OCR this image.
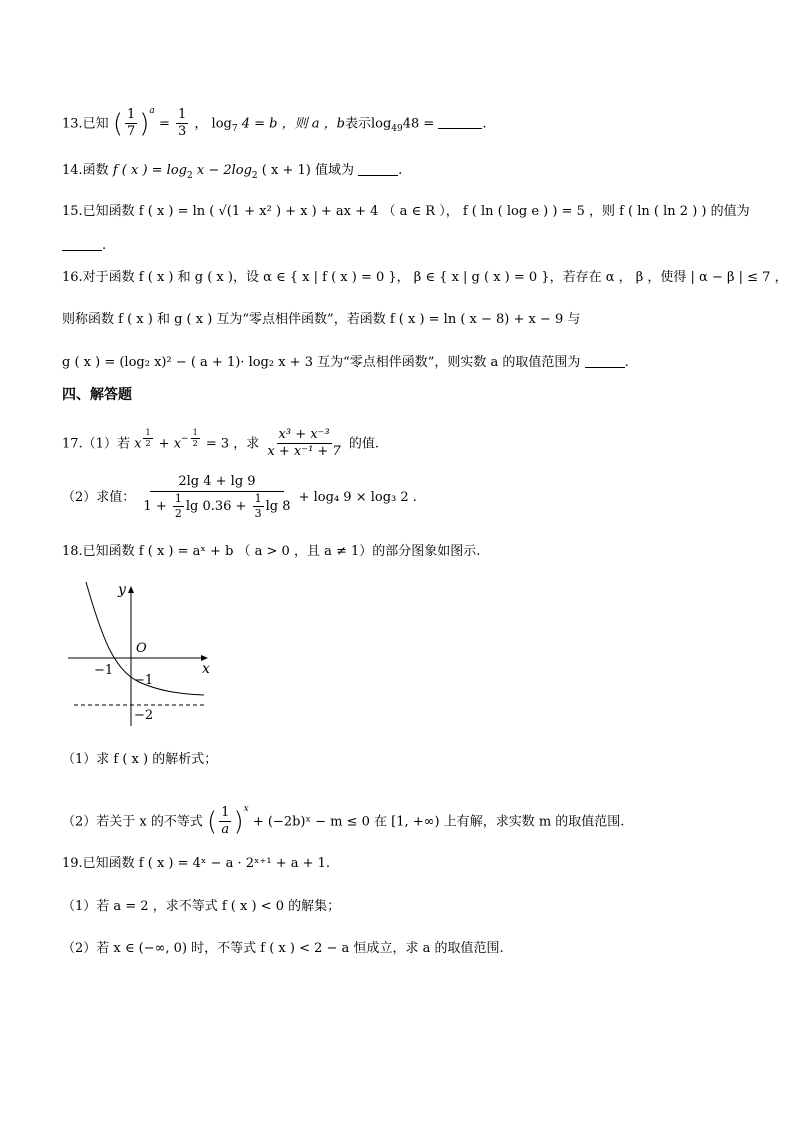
13.已知 ( $\frac{1}{7} )^a = \frac{1}{3}$ ， $\log_7 4 = b$ ，则 a ，b表示$\log_{49}48$ =	.
14.函数 f ( x ) = $\log_2 x - 2\log_2$ ( x + 1) 值域为	.
15.已知函数 f ( x ) = ln ( √(1 + x² ) + x ) + ax + 4 （ a ∈ R ）， f ( ln ( log e ) ) = 5 ，则 f ( ln ( ln 2 ) ) 的值为
.
16.对于函数 f ( x ) 和 g ( x )，设 α ∈ { x | f ( x ) = 0 }， β ∈ { x | g ( x ) = 0 }，若存在 α ， β ，使得 | α − β | ≤ 7 ，
则称函数 f ( x ) 和 g ( x ) 互为“零点相伴函数”，若函数 f ( x ) = ln ( x − 8) + x − 9 与
g ( x ) = (log₂ x)² − ( a + 1)· log₂ x + 3 互为“零点相伴函数”，则实数 a 的取值范围为	.
四、解答题
17.（1）若 x $^{\frac{1}{2}} + x^{- \frac{1}{2}} = 3$ ，求 $\frac{\text{x³ + x⁻³}}{\text{x + x⁻¹ + 7}}$ 的值.
（2）求值： $\frac{2\lg 4 + \lg 9}{1 + \frac{1}{2} \lg 0.36 + \frac{1}{3} \lg 8} + \log_4$ 9 × log₃ 2 .
18.已知函数 f ( x ) = aˣ + b （ a > 0 ，且 a ≠ 1）的部分图象如图示.
y
x
O
−1
−1
−2
（1）求 f ( x ) 的解析式；
（2）若关于 x 的不等式 ( $\frac{1}{a} )^x$ + (−2b)ˣ − m ≤ 0 在 [1, +∞) 上有解，求实数 m 的取值范围.
19.已知函数 f ( x ) = 4ˣ − a · 2ˣ⁺¹ + a + 1.
（1）若 a = 2 ，求不等式 f ( x ) < 0 的解集；
（2）若 x ∈ (−∞, 0) 时，不等式 f ( x ) < 2 − a 恒成立，求 a 的取值范围.
